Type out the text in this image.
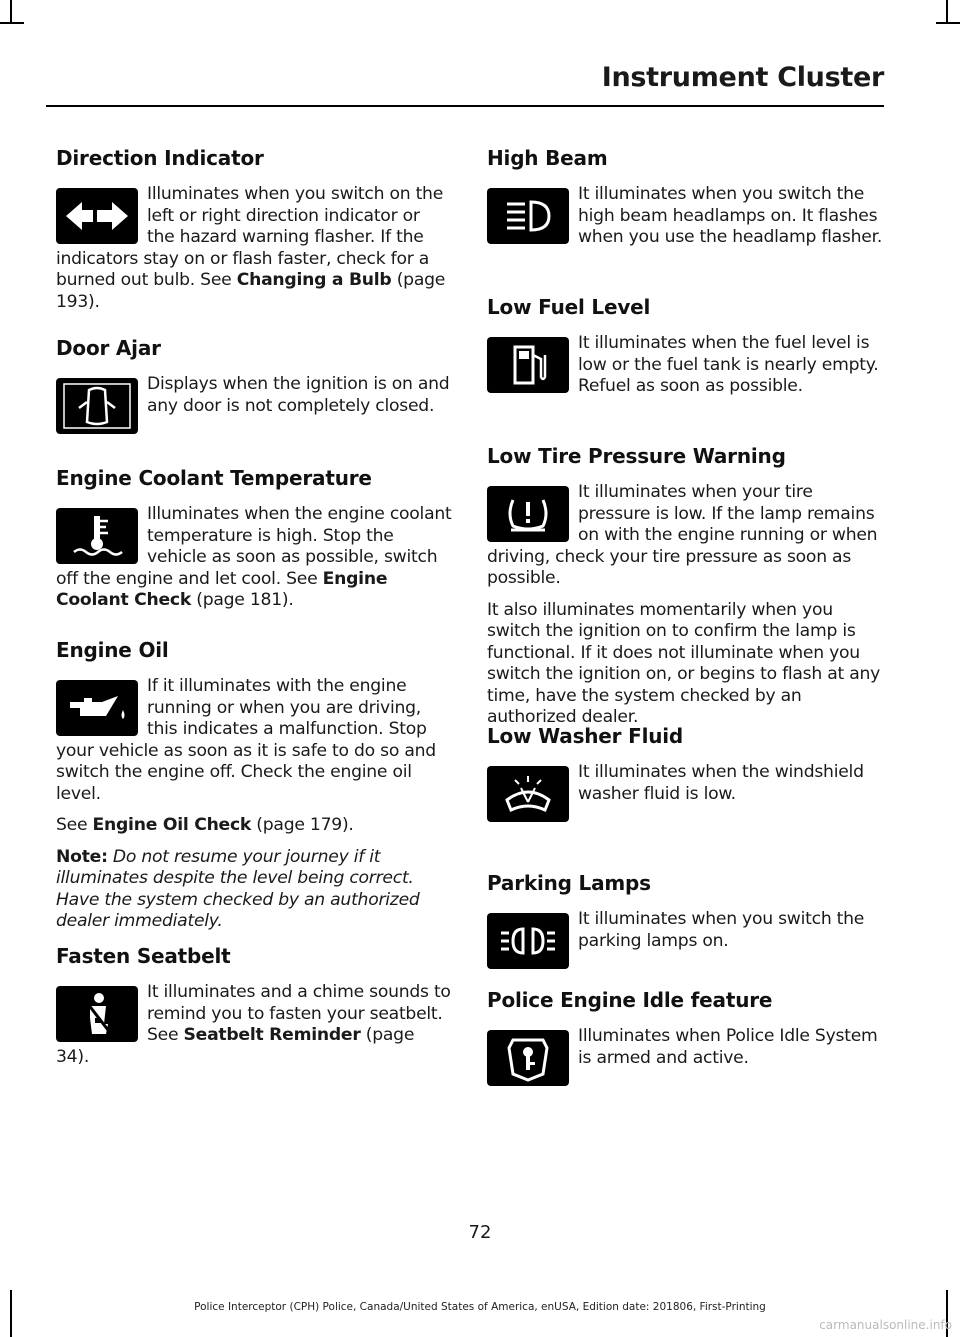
Instrument Cluster
Direction Indicator
Illuminates when you switch on the left or right direction indicator or the hazard warning flasher. If the indicators stay on or flash faster, check for a burned out bulb. See Changing a Bulb (page 193).
Door Ajar
Displays when the ignition is on and any door is not completely closed.
Engine Coolant Temperature
Illuminates when the engine coolant temperature is high. Stop the vehicle as soon as possible, switch off the engine and let cool. See Engine Coolant Check (page 181).
Engine Oil
If it illuminates with the engine running or when you are driving, this indicates a malfunction. Stop your vehicle as soon as it is safe to do so and switch the engine off. Check the engine oil level.

See Engine Oil Check (page 179).

Note: Do not resume your journey if it illuminates despite the level being correct. Have the system checked by an authorized dealer immediately.

Fasten Seatbelt
It illuminates and a chime sounds to remind you to fasten your seatbelt. See Seatbelt Reminder (page 34).
High Beam
It illuminates when you switch the high beam headlamps on. It flashes when you use the headlamp flasher.
Low Fuel Level
It illuminates when the fuel level is low or the fuel tank is nearly empty. Refuel as soon as possible.
Low Tire Pressure Warning
It illuminates when your tire pressure is low. If the lamp remains on with the engine running or when driving, check your tire pressure as soon as possible.

It also illuminates momentarily when you switch the ignition on to confirm the lamp is functional. If it does not illuminate when you switch the ignition on, or begins to flash at any time, have the system checked by an authorized dealer.

Low Washer Fluid
It illuminates when the windshield washer fluid is low.
Parking Lamps
It illuminates when you switch the parking lamps on.
Police Engine Idle feature
Illuminates when Police Idle System is armed and active.
72
Police Interceptor (CPH) Police, Canada/United States of America, enUSA, Edition date: 201806, First-Printing
carmanualsonline.info
